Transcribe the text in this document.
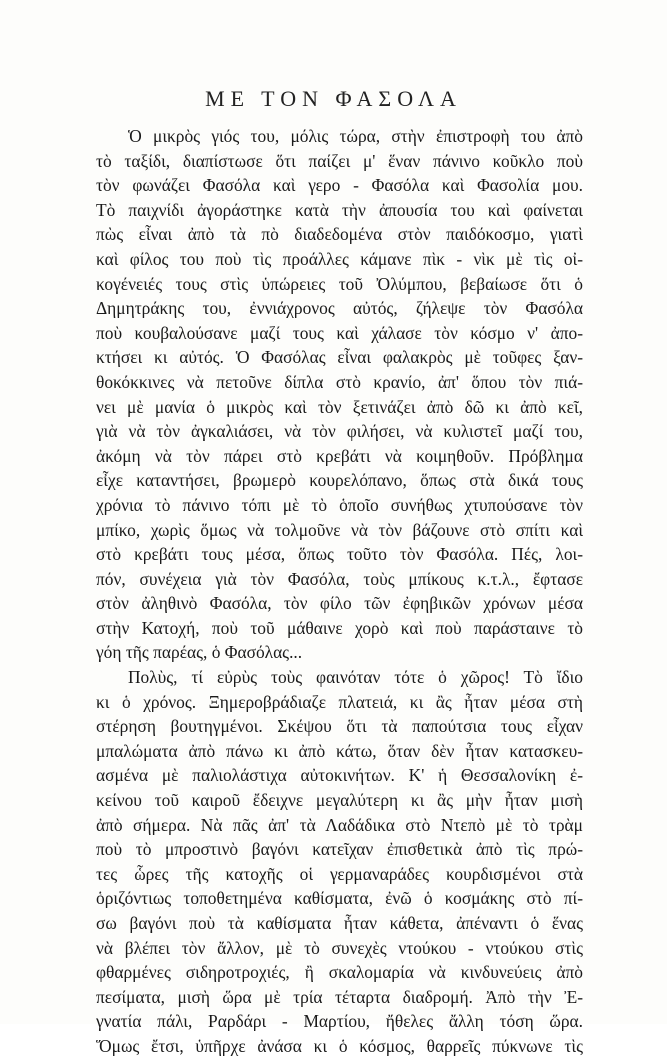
ΜΕ ΤΟΝ ΦΑΣΟΛΑ
Ὁ μικρὸς γιός του, μόλις τώρα, στὴν ἐπιστροφὴ του ἀπὸ
τὸ ταξίδι, διαπίστωσε ὅτι παίζει μ' ἕναν πάνινο κοῦκλο ποὺ
τὸν φωνάζει Φασόλα καὶ γερο - Φασόλα καὶ Φασολία μου.
Τὸ παιχνίδι ἀγοράστηκε κατὰ τὴν ἀπουσία του καὶ φαίνεται
πὼς εἶναι ἀπὸ τὰ πὸ διαδεδομένα στὸν παιδόκοσμο, γιατὶ
καὶ φίλος του ποὺ τὶς προάλλες κάμανε πὶκ - νὶκ μὲ τὶς οἰ-
κογένειές τους στὶς ὑπώρειες τοῦ Ὀλύμπου, βεβαίωσε ὅτι ὁ
Δημητράκης του, ἐννιάχρονος αὐτός, ζήλεψε τὸν Φασόλα
ποὺ κουβαλούσανε μαζί τους καὶ χάλασε τὸν κόσμο ν' ἀπο-
κτήσει κι αὐτός. Ὁ Φασόλας εἶναι φαλακρὸς μὲ τοῦφες ξαν-
θοκόκκινες νὰ πετοῦνε δίπλα στὸ κρανίο, ἀπ' ὅπου τὸν πιά-
νει μὲ μανία ὁ μικρὸς καὶ τὸν ξετινάζει ἀπὸ δῶ κι ἀπὸ κεῖ,
γιὰ νὰ τὸν ἀγκαλιάσει, νὰ τὸν φιλήσει, νὰ κυλιστεῖ μαζί του,
ἀκόμη νὰ τὸν πάρει στὸ κρεβάτι νὰ κοιμηθοῦν. Πρόβλημα
εἶχε καταντήσει, βρωμερὸ κουρελόπανο, ὅπως στὰ δικά τους
χρόνια τὸ πάνινο τόπι μὲ τὸ ὁποῖο συνήθως χτυπούσανε τὸν
μπίκο, χωρὶς ὅμως νὰ τολμοῦνε νὰ τὸν βάζουνε στὸ σπίτι καὶ
στὸ κρεβάτι τους μέσα, ὅπως τοῦτο τὸν Φασόλα. Πές, λοι-
πόν, συνέχεια γιὰ τὸν Φασόλα, τοὺς μπίκους κ.τ.λ., ἔφτασε
στὸν ἀληθινὸ Φασόλα, τὸν φίλο τῶν ἐφηβικῶν χρόνων μέσα
στὴν Κατοχή, ποὺ τοῦ μάθαινε χορὸ καὶ ποὺ παράσταινε τὸ
γόη τῆς παρέας, ὁ Φασόλας...
Πολὺς, τί εὐρὺς τοὺς φαινόταν τότε ὁ χῶρος! Τὸ ἴδιο
κι ὁ χρόνος. Ξημεροβράδιαζε πλατειά, κι ἂς ἦταν μέσα στὴ
στέρηση βουτηγμένοι. Σκέψου ὅτι τὰ παπούτσια τους εἶχαν
μπαλώματα ἀπὸ πάνω κι ἀπὸ κάτω, ὅταν δὲν ἦταν κατασκευ-
ασμένα μὲ παλιολάστιχα αὐτοκινήτων. Κ' ἡ Θεσσαλονίκη ἐ-
κείνου τοῦ καιροῦ ἔδειχνε μεγαλύτερη κι ἂς μὴν ἦταν μισὴ
ἀπὸ σήμερα. Νὰ πᾶς ἀπ' τὰ Λαδάδικα στὸ Ντεπὸ μὲ τὸ τρὰμ
ποὺ τὸ μπροστινὸ βαγόνι κατεῖχαν ἐπισθετικὰ ἀπὸ τὶς πρώ-
τες ὧρες τῆς κατοχῆς οἱ γερμαναράδες κουρδισμένοι στὰ
ὁριζόντιως τοποθετημένα καθίσματα, ἐνῶ ὁ κοσμάκης στὸ πί-
σω βαγόνι ποὺ τὰ καθίσματα ἦταν κάθετα, ἀπέναντι ὁ ἕνας
νὰ βλέπει τὸν ἄλλον, μὲ τὸ συνεχὲς ντούκου - ντούκου στὶς
φθαρμένες σιδηροτροχιές, ἢ σκαλομαρία νὰ κινδυνεύεις ἀπὸ
πεσίματα, μισὴ ὥρα μὲ τρία τέταρτα διαδρομή. Ἀπὸ τὴν Ἐ-
γνατία πάλι, Ραρδάρι - Μαρτίου, ἤθελες ἄλλη τόση ὥρα.
Ὅμως ἔτσι, ὑπῆρχε ἀνάσα κι ὁ κόσμος, θαρρεῖς πύκνωνε τὶς
